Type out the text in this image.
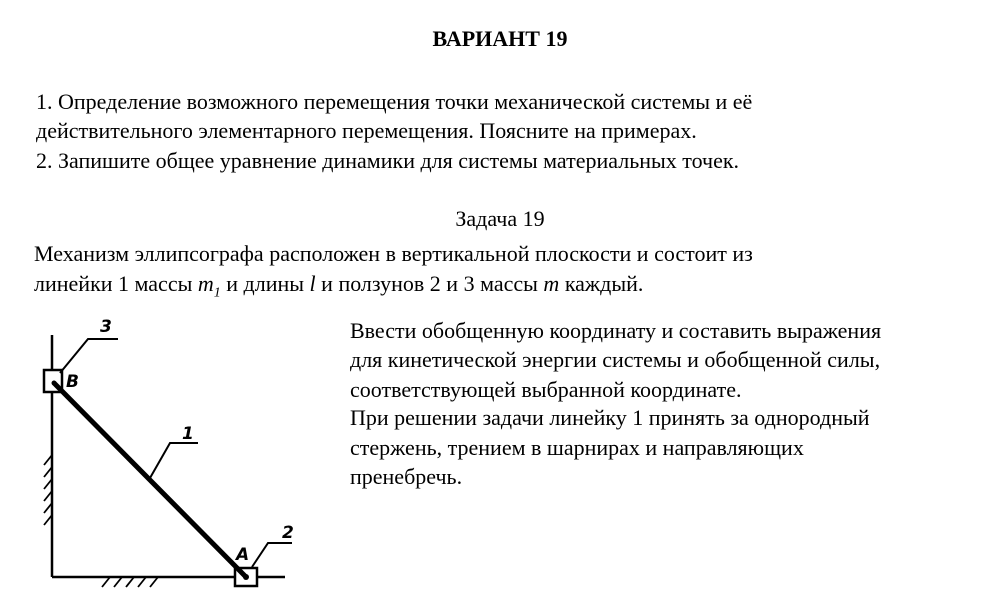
ВАРИАНТ 19
1. Определение возможного перемещения точки механической системы и её
действительного элементарного перемещения. Поясните на примерах.
2. Запишите общее уравнение динамики для системы материальных точек.
Задача 19
Механизм эллипсографа расположен в вертикальной плоскости и состоит из
линейки 1 массы $m_1$ и длины l и ползунов 2 и 3 массы m каждый.
Ввести обобщенную координату и составить выражения
для кинетической энергии системы и обобщенной силы,
соответствующей выбранной координате.
При решении задачи линейку 1 принять за однородный
стержень, трением в шарнирах и направляющих
пренебречь.
3
B
1
A
2
